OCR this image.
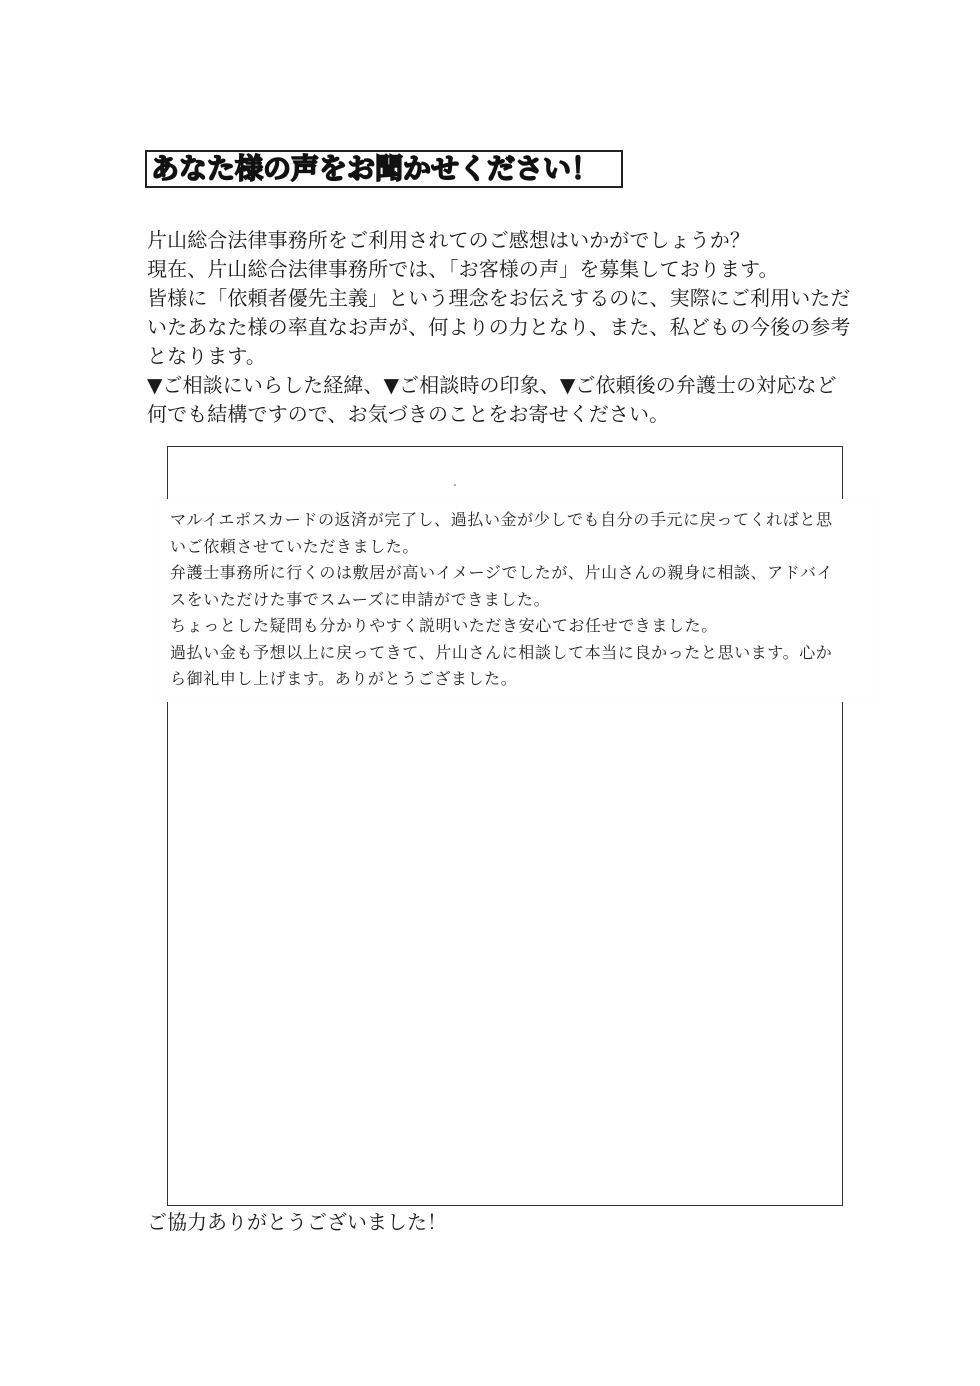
あなた様の声をお聞かせください！
片山総合法律事務所をご利用されてのご感想はいかがでしょうか？
現在、片山総合法律事務所では、「お客様の声」を募集しております。
皆様に「依頼者優先主義」という理念をお伝えするのに、実際にご利用いただ
いたあなた様の率直なお声が、何よりの力となり、また、私どもの今後の参考
となります。
▼ご相談にいらした経緯、▼ご相談時の印象、▼ご依頼後の弁護士の対応など
何でも結構ですので、お気づきのことをお寄せください。
マルイエポスカードの返済が完了し、過払い金が少しでも自分の手元に戻ってくればと思
いご依頼させていただきました。
弁護士事務所に行くのは敷居が高いイメージでしたが、片山さんの親身に相談、アドバイ
スをいただけた事でスムーズに申請ができました。
ちょっとした疑問も分かりやすく説明いただき安心てお任せできました。
過払い金も予想以上に戻ってきて、片山さんに相談して本当に良かったと思います。心か
ら御礼申し上げます。ありがとうござました。
ご協力ありがとうございました！
